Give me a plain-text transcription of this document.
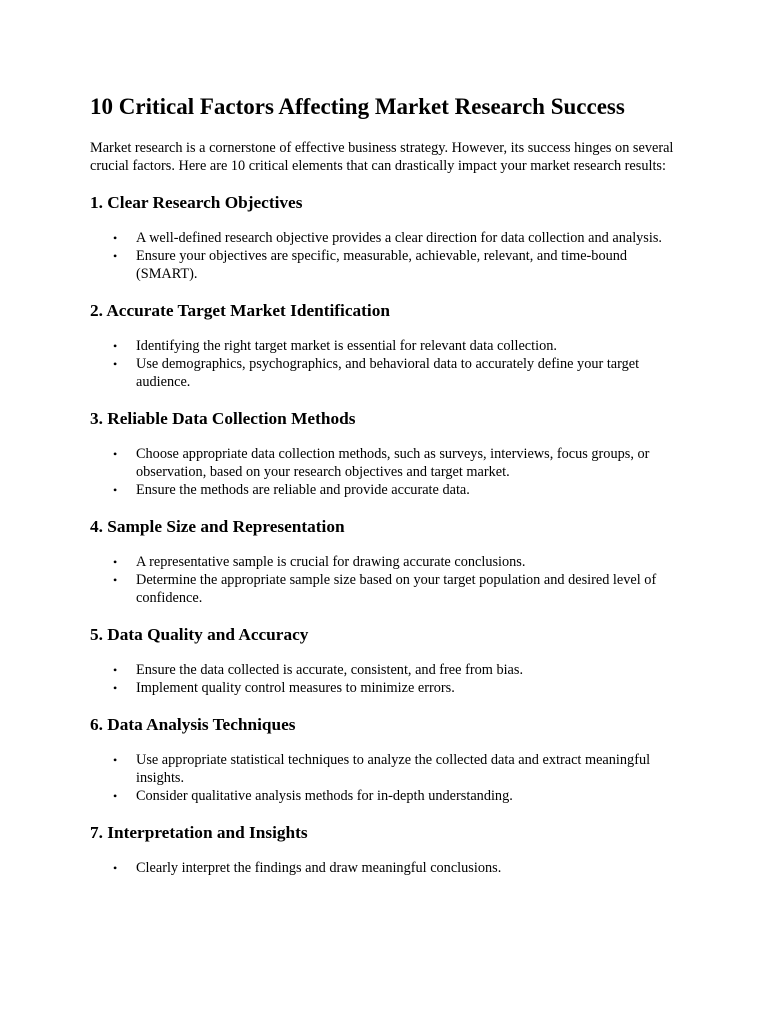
10 Critical Factors Affecting Market Research Success

Market research is a cornerstone of effective business strategy. However, its success hinges on several crucial factors. Here are 10 critical elements that can drastically impact your market research results:

1. Clear Research Objectives
• A well-defined research objective provides a clear direction for data collection and analysis.
• Ensure your objectives are specific, measurable, achievable, relevant, and time-bound (SMART).
2. Accurate Target Market Identification
• Identifying the right target market is essential for relevant data collection.
• Use demographics, psychographics, and behavioral data to accurately define your target audience.
3. Reliable Data Collection Methods
• Choose appropriate data collection methods, such as surveys, interviews, focus groups, or observation, based on your research objectives and target market.
• Ensure the methods are reliable and provide accurate data.
4. Sample Size and Representation
• A representative sample is crucial for drawing accurate conclusions.
• Determine the appropriate sample size based on your target population and desired level of confidence.
5. Data Quality and Accuracy
• Ensure the data collected is accurate, consistent, and free from bias.
• Implement quality control measures to minimize errors.
6. Data Analysis Techniques
• Use appropriate statistical techniques to analyze the collected data and extract meaningful insights.
• Consider qualitative analysis methods for in-depth understanding.
7. Interpretation and Insights
• Clearly interpret the findings and draw meaningful conclusions.
